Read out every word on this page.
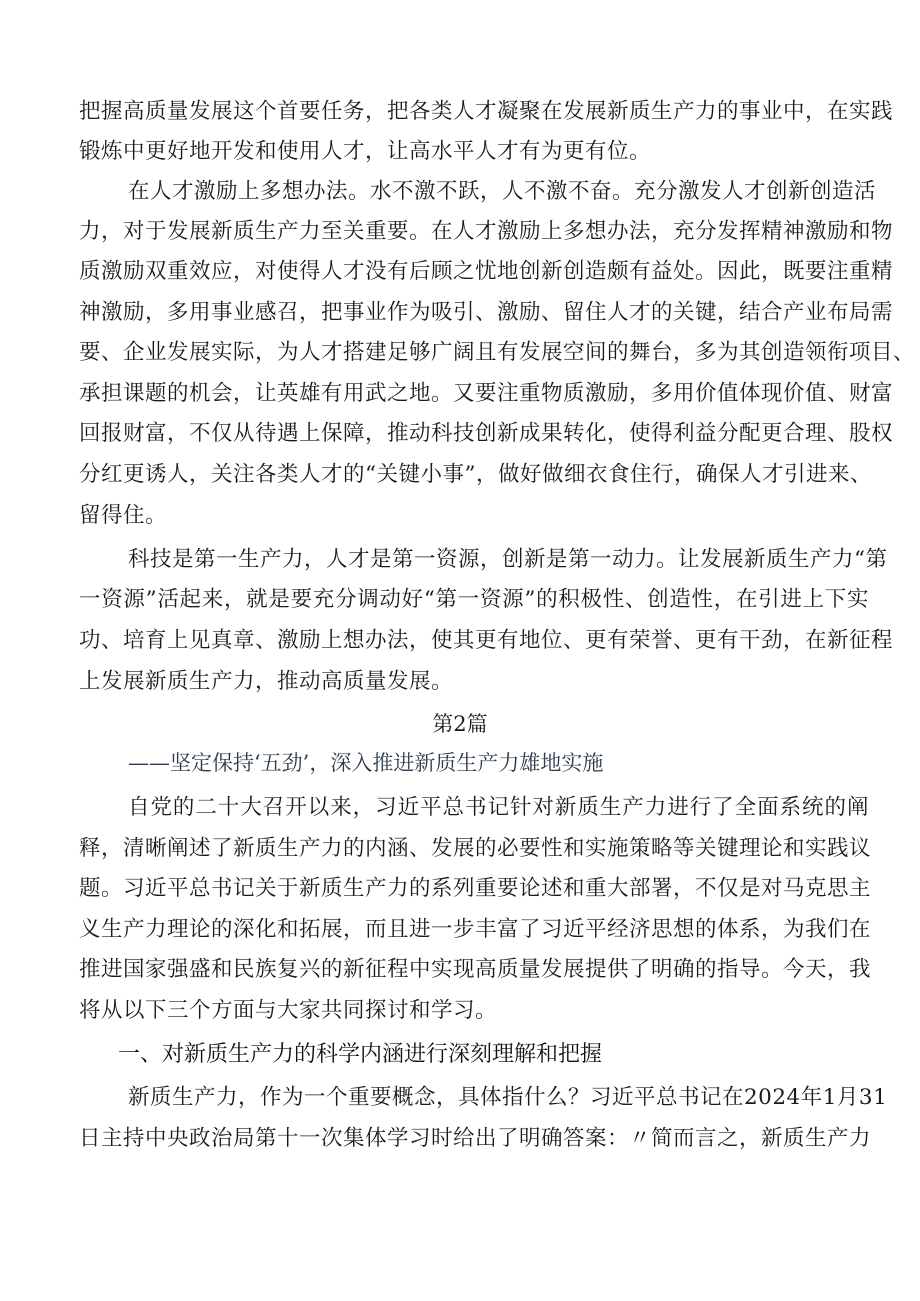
把握高质量发展这个首要任务，把各类人才凝聚在发展新质生产力的事业中，在实践
锻炼中更好地开发和使用人才，让高水平人才有为更有位。
在人才激励上多想办法。水不激不跃，人不激不奋。充分激发人才创新创造活
力，对于发展新质生产力至关重要。在人才激励上多想办法，充分发挥精神激励和物
质激励双重效应，对使得人才没有后顾之忧地创新创造颇有益处。因此，既要注重精
神激励，多用事业感召，把事业作为吸引、激励、留住人才的关键，结合产业布局需
要、企业发展实际，为人才搭建足够广阔且有发展空间的舞台，多为其创造领衔项目、
承担课题的机会，让英雄有用武之地。又要注重物质激励，多用价值体现价值、财富
回报财富，不仅从待遇上保障，推动科技创新成果转化，使得利益分配更合理、股权
分红更诱人，关注各类人才的“关键小事”，做好做细衣食住行，确保人才引进来、
留得住。
科技是第一生产力，人才是第一资源，创新是第一动力。让发展新质生产力“第
一资源”活起来，就是要充分调动好“第一资源”的积极性、创造性，在引进上下实
功、培育上见真章、激励上想办法，使其更有地位、更有荣誉、更有干劲，在新征程
上发展新质生产力，推动高质量发展。
第2篇
——坚定保持‘五劲’，深入推进新质生产力雄地实施
自党的二十大召开以来，习近平总书记针对新质生产力进行了全面系统的阐
释，清晰阐述了新质生产力的内涵、发展的必要性和实施策略等关键理论和实践议
题。习近平总书记关于新质生产力的系列重要论述和重大部署，不仅是对马克思主
义生产力理论的深化和拓展，而且进一步丰富了习近平经济思想的体系，为我们在
推进国家强盛和民族复兴的新征程中实现高质量发展提供了明确的指导。今天，我
将从以下三个方面与大家共同探讨和学习。
一、对新质生产力的科学内涵进行深刻理解和把握
新质生产力，作为一个重要概念，具体指什么？习近平总书记在2024年1月31
日主持中央政治局第十一次集体学习时给出了明确答案：〃简而言之，新质生产力
